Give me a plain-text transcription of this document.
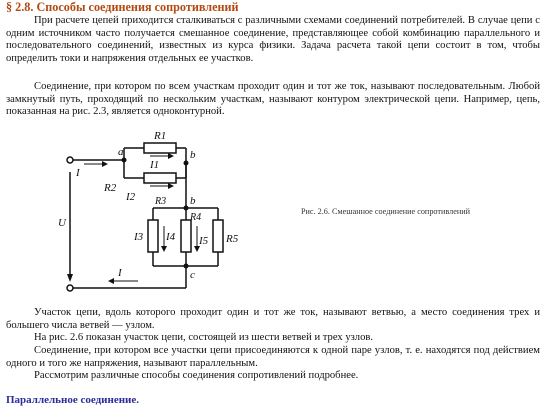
§ 2.8. Способы соединения сопротивлений

При расчете цепей приходится сталкиваться с различными схемами соединений потребителей. В случае цепи с одним источником часто получается смешанное соединение, представляющее собой комбинацию параллельного и последовательного соединений, известных из курса физики. Задача расчета такой цепи состоит в том, чтобы определить токи и напряжения отдельных ее участков.

Соединение, при котором по всем участкам проходит один и тот же ток, называют последовательным. Любой замкнутый путь, проходящий по нескольким участкам, называют контуром электрической цепи. Например, цепь, показанная на рис. 2.3, является одноконтурной.

a	b
b
c
R1
R2
R3
R4
R5
I1
I2
I
I3 I4 I5
U
I
Рис. 2.6. Смешанное соединение сопротивлений

Участок цепи, вдоль которого проходит один и тот же ток, называют ветвью, а место соединения трех и большего числа ветвей — узлом.

На рис. 2.6 показан участок цепи, состоящей из шести ветвей и трех узлов.

Соединение, при котором все участки цепи присоединяются к одной паре узлов, т. е. находятся под действием одного и того же напряжения, называют параллельным.

Рассмотрим различные способы соединения сопротивлений подробнее.

Параллельное соединение.
